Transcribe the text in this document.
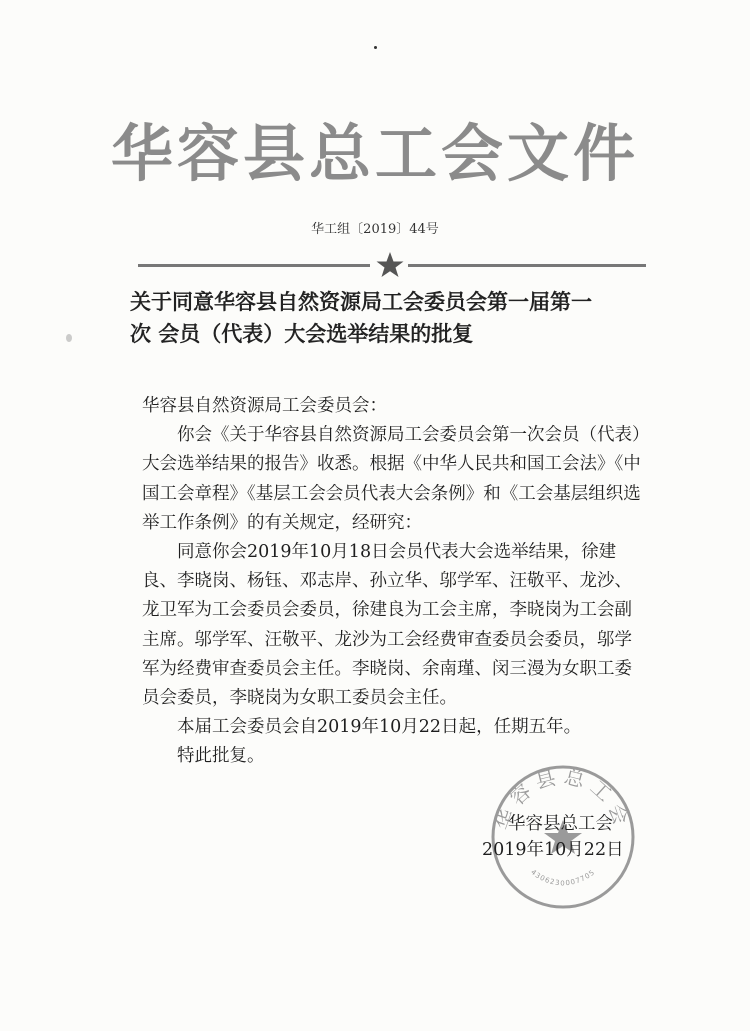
华容县总工会文件
华工组〔2019〕44号
关于同意华容县自然资源局工会委员会第一届第一
次 会员（代表）大会选举结果的批复

华容县自然资源局工会委员会：

你会《关于华容县自然资源局工会委员会第一次会员（代表）大会选举结果的报告》收悉。根据《中华人民共和国工会法》《中国工会章程》《基层工会会员代表大会条例》和《工会基层组织选举工作条例》的有关规定，经研究：

同意你会2019年10月18日会员代表大会选举结果，徐建良、李晓岗、杨钰、邓志岸、孙立华、邬学军、汪敬平、龙沙、龙卫军为工会委员会委员，徐建良为工会主席，李晓岗为工会副主席。邬学军、汪敬平、龙沙为工会经费审查委员会委员，邬学军为经费审查委员会主任。李晓岗、余南瑾、闵三漫为女职工委员会委员，李晓岗为女职工委员会主任。

本届工会委员会自2019年10月22日起，任期五年。

特此批复。

华容县总工会
4306230007705
华容县总工会
2019年10月22日
